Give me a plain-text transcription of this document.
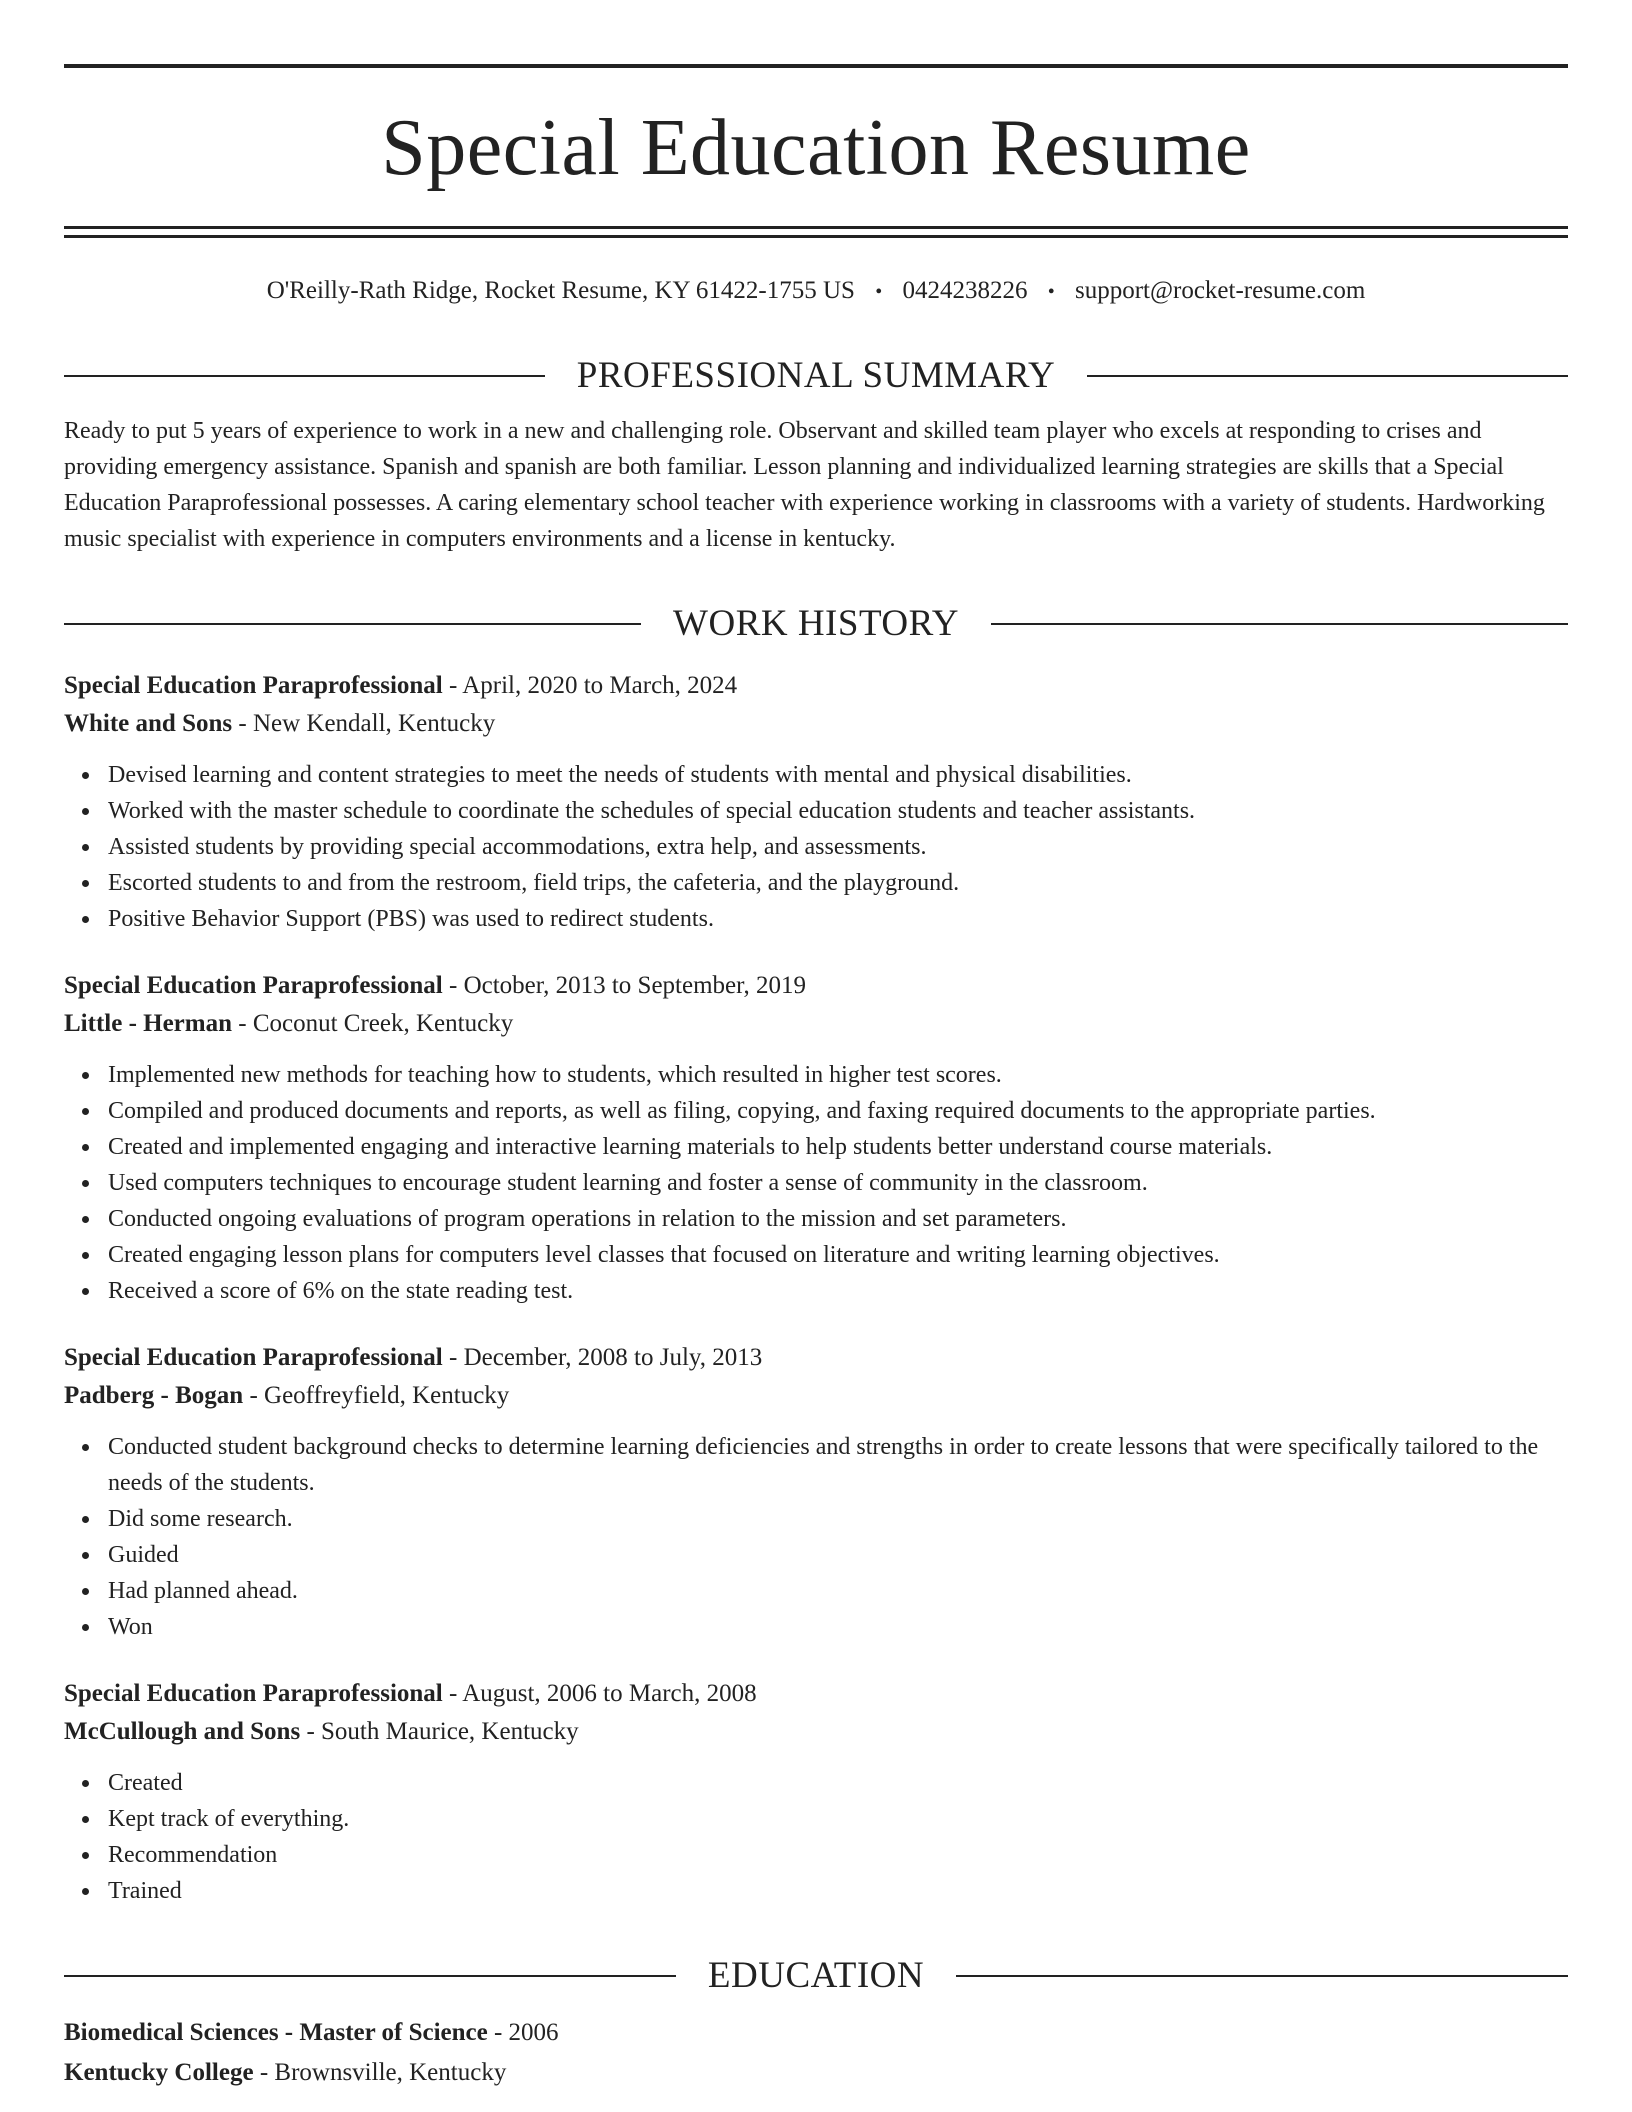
Special Education Resume
O'Reilly-Rath Ridge, Rocket Resume, KY 61422-1755 US • 0424238226 • support@rocket-resume.com
PROFESSIONAL SUMMARY

Ready to put 5 years of experience to work in a new and challenging role. Observant and skilled team player who excels at responding to crises and providing emergency assistance. Spanish and spanish are both familiar. Lesson planning and individualized learning strategies are skills that a Special Education Paraprofessional possesses. A caring elementary school teacher with experience working in classrooms with a variety of students. Hardworking music specialist with experience in computers environments and a license in kentucky.

WORK HISTORY
Special Education Paraprofessional - April, 2020 to March, 2024
White and Sons - New Kendall, Kentucky
Devised learning and content strategies to meet the needs of students with mental and physical disabilities.
Worked with the master schedule to coordinate the schedules of special education students and teacher assistants.
Assisted students by providing special accommodations, extra help, and assessments.
Escorted students to and from the restroom, field trips, the cafeteria, and the playground.
Positive Behavior Support (PBS) was used to redirect students.
Special Education Paraprofessional - October, 2013 to September, 2019
Little - Herman - Coconut Creek, Kentucky
Implemented new methods for teaching how to students, which resulted in higher test scores.
Compiled and produced documents and reports, as well as filing, copying, and faxing required documents to the appropriate parties.
Created and implemented engaging and interactive learning materials to help students better understand course materials.
Used computers techniques to encourage student learning and foster a sense of community in the classroom.
Conducted ongoing evaluations of program operations in relation to the mission and set parameters.
Created engaging lesson plans for computers level classes that focused on literature and writing learning objectives.
Received a score of 6% on the state reading test.
Special Education Paraprofessional - December, 2008 to July, 2013
Padberg - Bogan - Geoffreyfield, Kentucky
Conducted student background checks to determine learning deficiencies and strengths in order to create lessons that were specifically tailored to the needs of the students.
Did some research.
Guided
Had planned ahead.
Won
Special Education Paraprofessional - August, 2006 to March, 2008
McCullough and Sons - South Maurice, Kentucky
Created
Kept track of everything.
Recommendation
Trained
EDUCATION
Biomedical Sciences - Master of Science - 2006
Kentucky College - Brownsville, Kentucky
